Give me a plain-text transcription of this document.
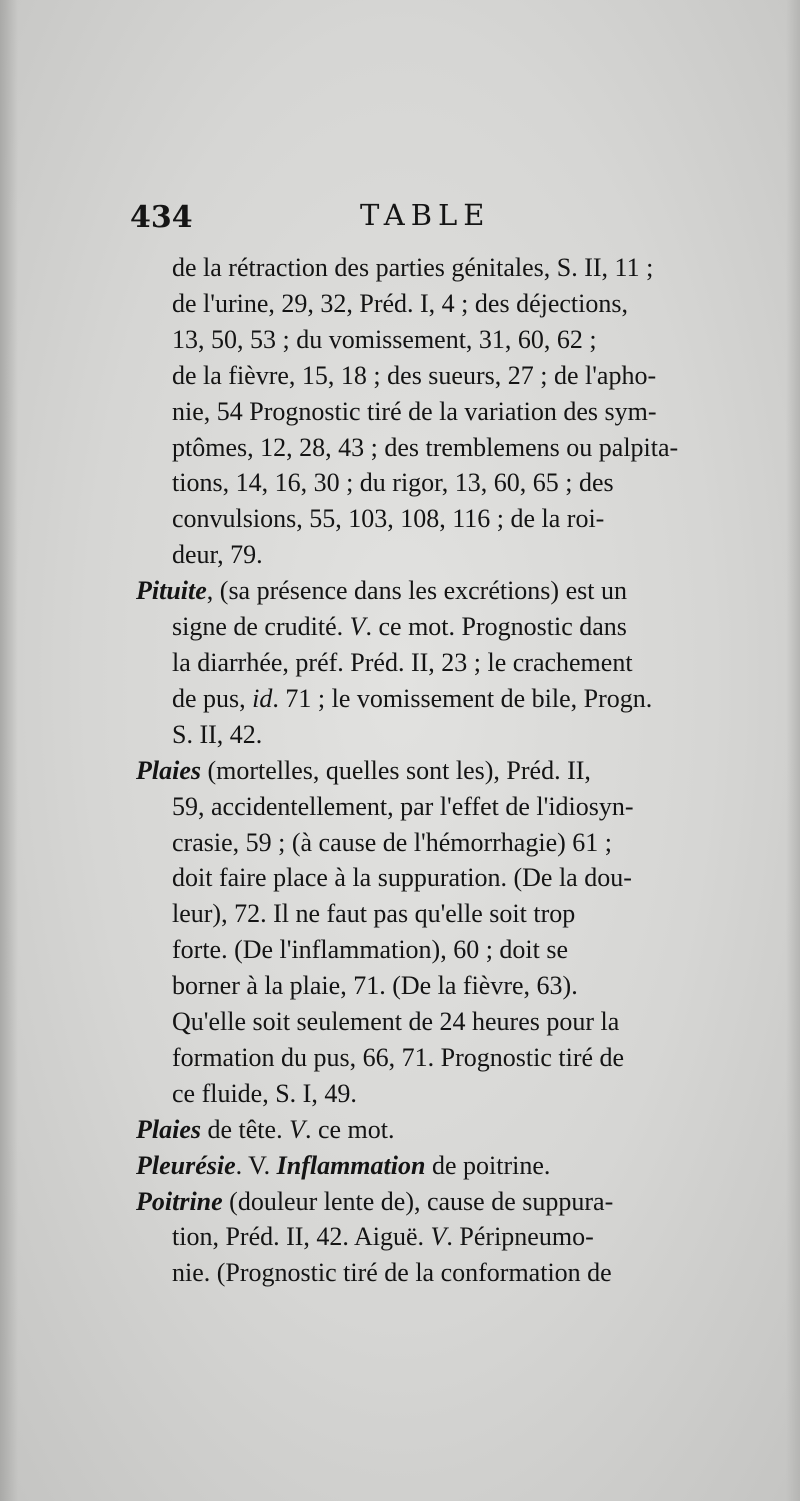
434	TABLE
de la rétraction des parties génitales, S. II, 11 ;
de l'urine, 29, 32, Préd. I, 4 ; des déjections,
13, 50, 53 ; du vomissement, 31, 60, 62 ;
de la fièvre, 15, 18 ; des sueurs, 27 ; de l'apho-
nie, 54 Prognostic tiré de la variation des sym-
ptômes, 12, 28, 43 ; des tremblemens ou palpita-
tions, 14, 16, 30 ; du rigor, 13, 60, 65 ; des
convulsions, 55, 103, 108, 116 ; de la roi-
deur, 79.
Pituite, (sa présence dans les excrétions) est un
signe de crudité. V. ce mot. Prognostic dans
la diarrhée, préf. Préd. II, 23 ; le crachement
de pus, id. 71 ; le vomissement de bile, Progn.
S. II, 42.
Plaies (mortelles, quelles sont les), Préd. II,
59, accidentellement, par l'effet de l'idiosyn-
crasie, 59 ; (à cause de l'hémorrhagie) 61 ;
doit faire place à la suppuration. (De la dou-
leur), 72. Il ne faut pas qu'elle soit trop
forte. (De l'inflammation), 60 ; doit se
borner à la plaie, 71. (De la fièvre, 63).
Qu'elle soit seulement de 24 heures pour la
formation du pus, 66, 71. Prognostic tiré de
ce fluide, S. I, 49.
Plaies de tête. V. ce mot.
Pleurésie. V. Inflammation de poitrine.
Poitrine (douleur lente de), cause de suppura-
tion, Préd. II, 42. Aiguë. V. Péripneumo-
nie. (Prognostic tiré de la conformation de
